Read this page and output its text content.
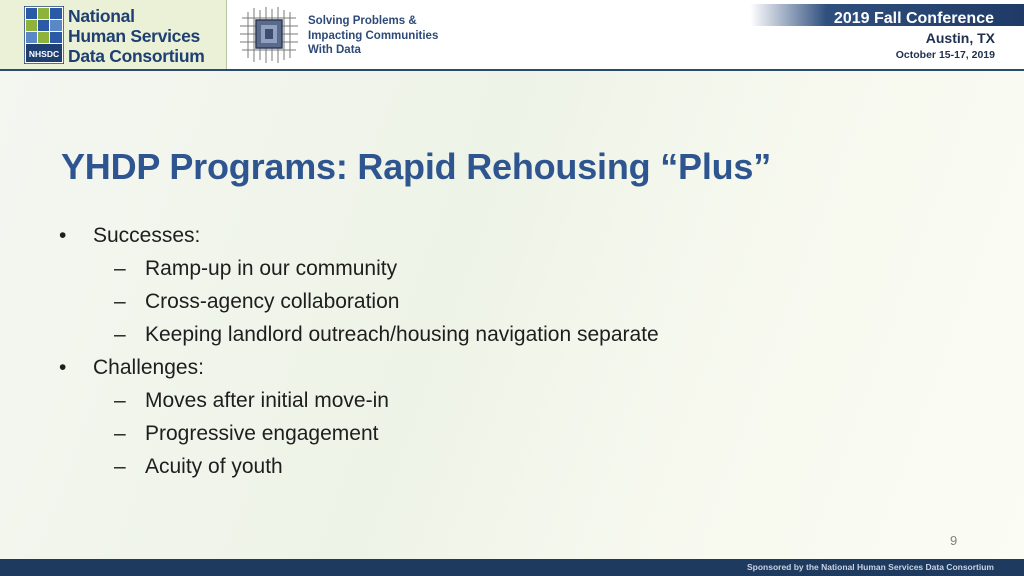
NHSDC
National
Human Services
Data Consortium
Solving Problems &
Impacting Communities
With Data
2019 Fall Conference
Austin, TX
October 15-17, 2019
YHDP Programs: Rapid Rehousing “Plus”
• Successes:
– Ramp-up in our community
– Cross-agency collaboration
– Keeping landlord outreach/housing navigation separate
• Challenges:
– Moves after initial move-in
– Progressive engagement
– Acuity of youth
9
Sponsored by the National Human Services Data Consortium
